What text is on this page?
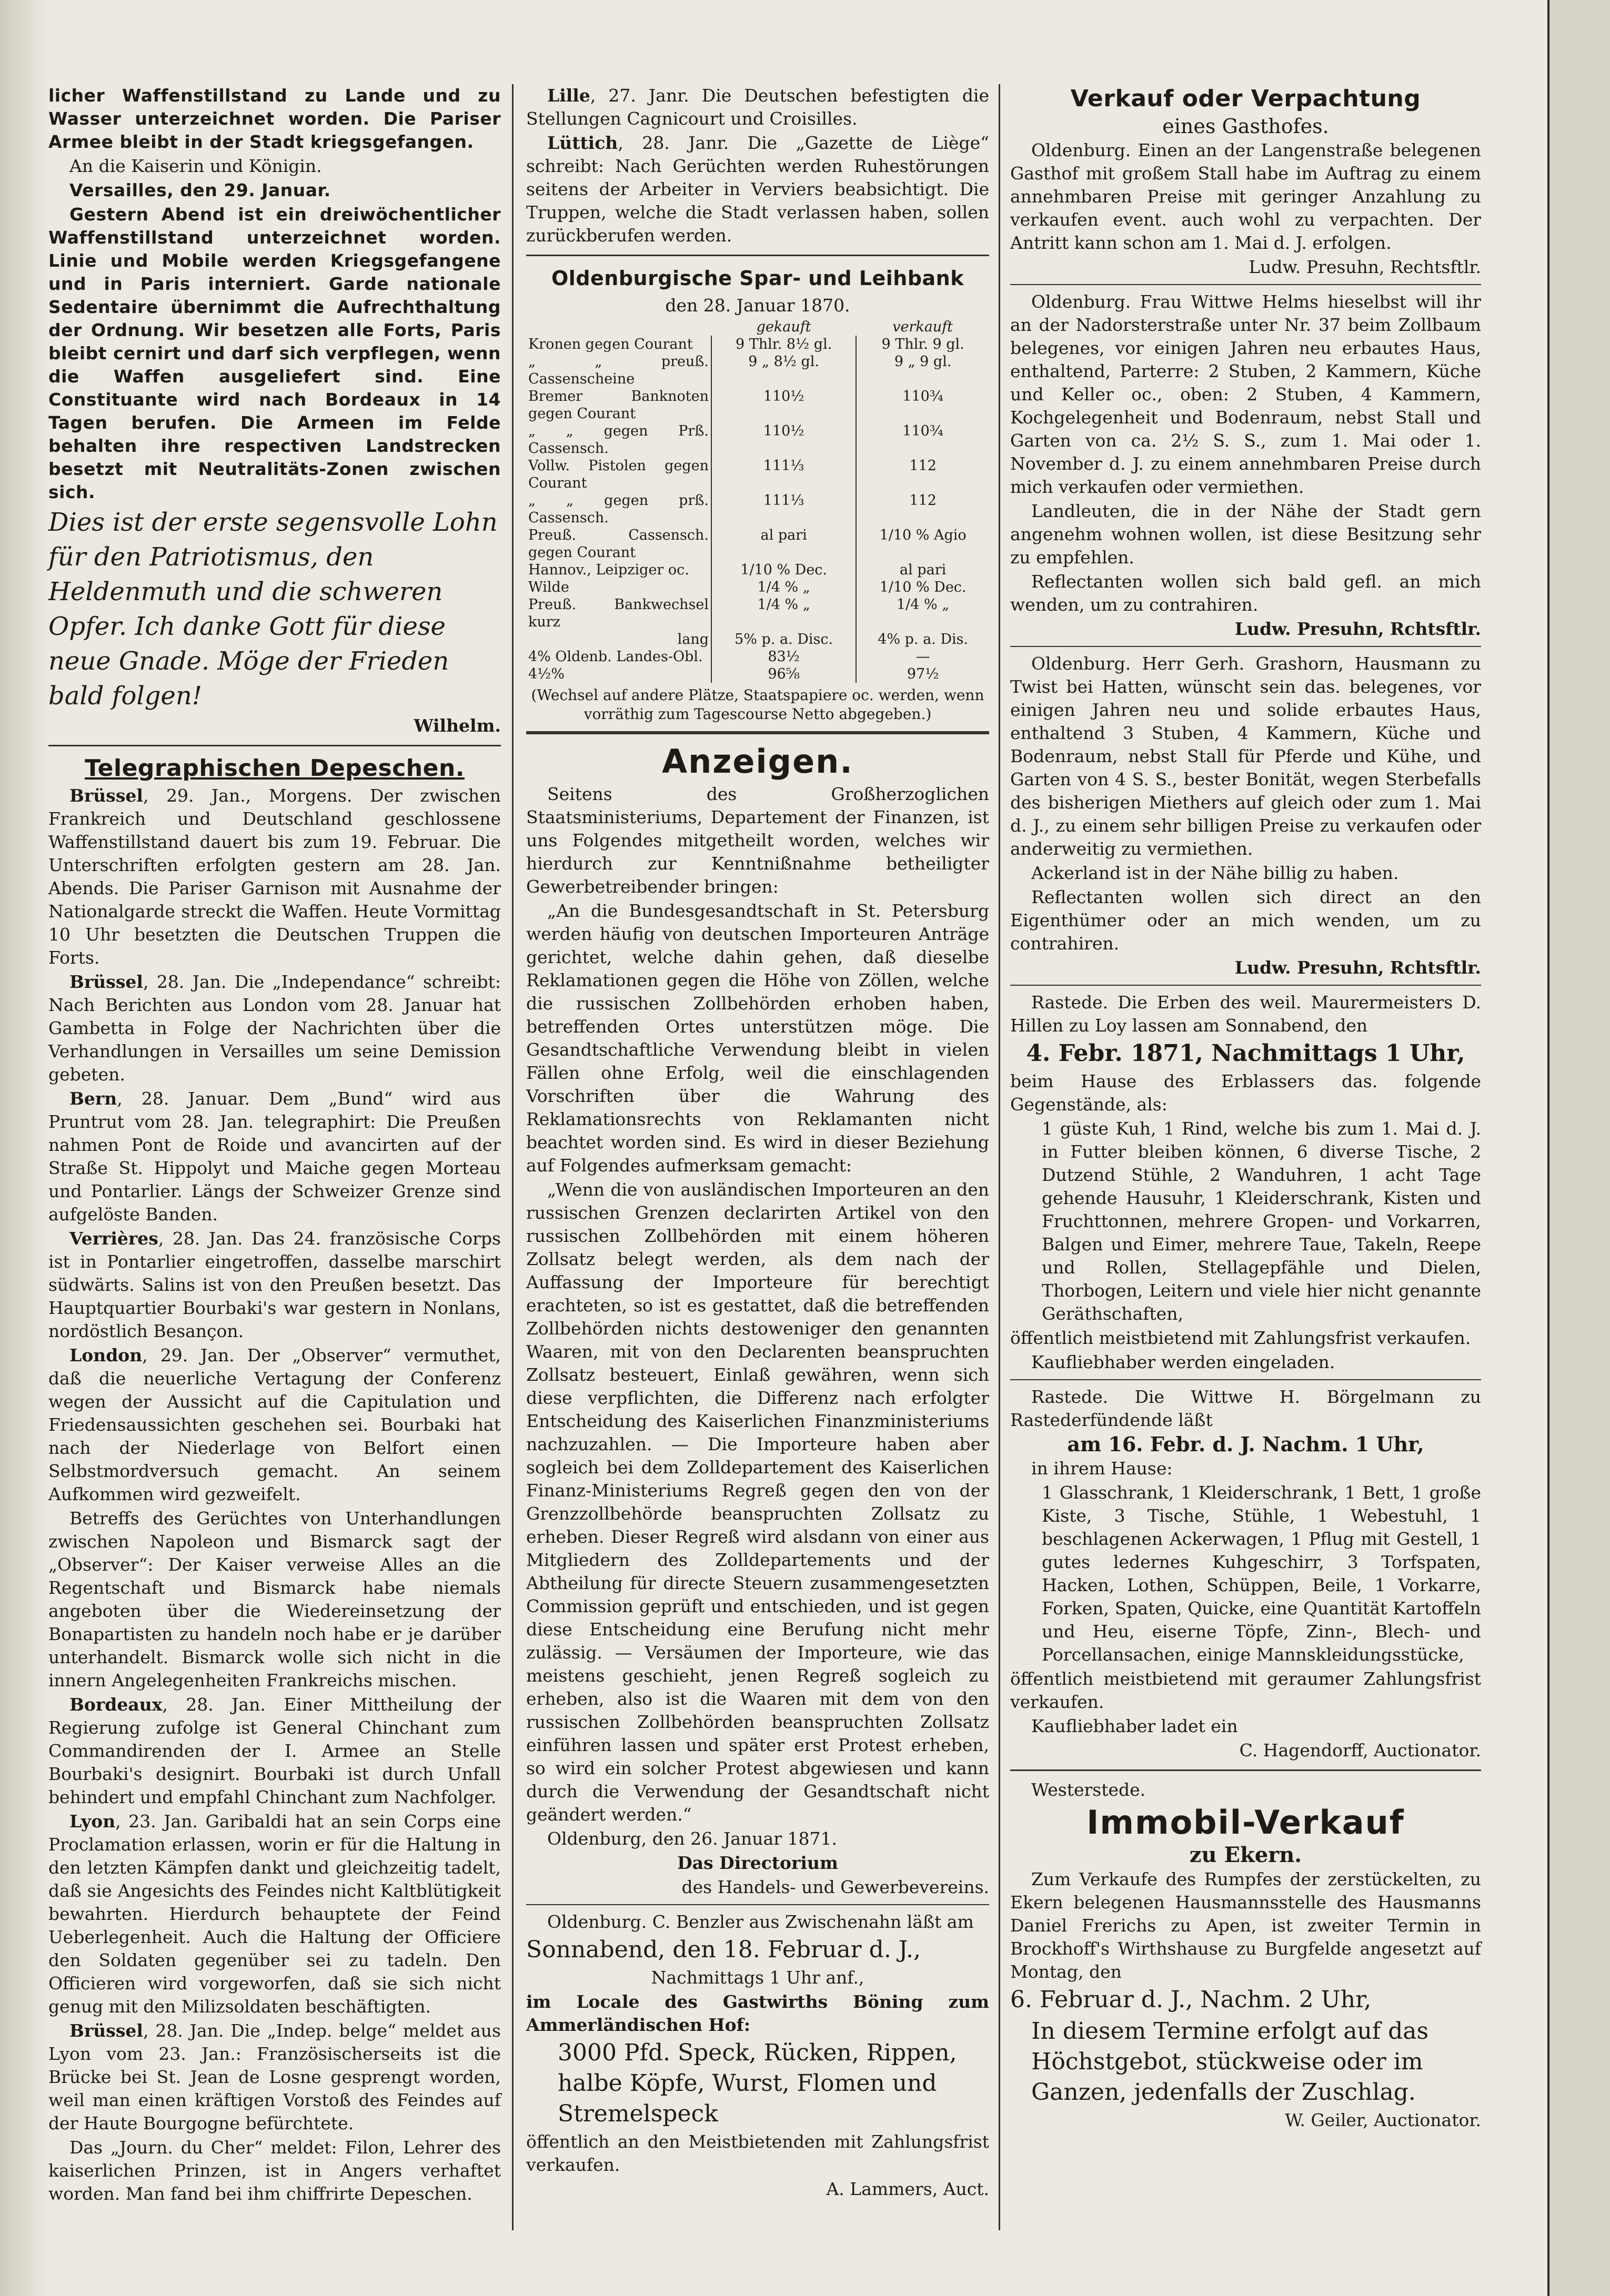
licher Waffenstillstand zu Lande und zu Wasser unterzeichnet worden. Die Pariser Armee bleibt in der Stadt kriegsgefangen.

An die Kaiserin und Königin.

Versailles, den 29. Januar.

Gestern Abend ist ein dreiwöchentlicher Waffenstillstand unterzeichnet worden. Linie und Mobile werden Kriegsgefangene und in Paris interniert. Garde nationale Sedentaire übernimmt die Aufrechthaltung der Ordnung. Wir besetzen alle Forts, Paris bleibt cernirt und darf sich verpflegen, wenn die Waffen ausgeliefert sind. Eine Constituante wird nach Bordeaux in 14 Tagen berufen. Die Armeen im Felde behalten ihre respectiven Landstrecken besetzt mit Neutralitäts-Zonen zwischen sich.

Dies ist der erste segensvolle Lohn für den Patriotismus, den Heldenmuth und die schweren Opfer. Ich danke Gott für diese neue Gnade. Möge der Frieden bald folgen!

Wilhelm.

Telegraphischen Depeschen.

Brüssel, 29. Jan., Morgens. Der zwischen Frankreich und Deutschland geschlossene Waffenstillstand dauert bis zum 19. Februar. Die Unterschriften erfolgten gestern am 28. Jan. Abends. Die Pariser Garnison mit Ausnahme der Nationalgarde streckt die Waffen. Heute Vormittag 10 Uhr besetzten die Deutschen Truppen die Forts.

Brüssel, 28. Jan. Die „Independance“ schreibt: Nach Berichten aus London vom 28. Januar hat Gambetta in Folge der Nachrichten über die Verhandlungen in Versailles um seine Demission gebeten.

Bern, 28. Januar. Dem „Bund“ wird aus Pruntrut vom 28. Jan. telegraphirt: Die Preußen nahmen Pont de Roide und avancirten auf der Straße St. Hippolyt und Maiche gegen Morteau und Pontarlier. Längs der Schweizer Grenze sind aufgelöste Banden.

Verrières, 28. Jan. Das 24. französische Corps ist in Pontarlier eingetroffen, dasselbe marschirt südwärts. Salins ist von den Preußen besetzt. Das Hauptquartier Bourbaki's war gestern in Nonlans, nordöstlich Besançon.

London, 29. Jan. Der „Observer“ vermuthet, daß die neuerliche Vertagung der Conferenz wegen der Aussicht auf die Capitulation und Friedensaussichten geschehen sei. Bourbaki hat nach der Niederlage von Belfort einen Selbstmordversuch gemacht. An seinem Aufkommen wird gezweifelt.

Betreffs des Gerüchtes von Unterhandlungen zwischen Napoleon und Bismarck sagt der „Observer“: Der Kaiser verweise Alles an die Regentschaft und Bismarck habe niemals angeboten über die Wiedereinsetzung der Bonapartisten zu handeln noch habe er je darüber unterhandelt. Bismarck wolle sich nicht in die innern Angelegenheiten Frankreichs mischen.

Bordeaux, 28. Jan. Einer Mittheilung der Regierung zufolge ist General Chinchant zum Commandirenden der I. Armee an Stelle Bourbaki's designirt. Bourbaki ist durch Unfall behindert und empfahl Chinchant zum Nachfolger.

Lyon, 23. Jan. Garibaldi hat an sein Corps eine Proclamation erlassen, worin er für die Haltung in den letzten Kämpfen dankt und gleichzeitig tadelt, daß sie Angesichts des Feindes nicht Kaltblütigkeit bewahrten. Hierdurch behauptete der Feind Ueberlegenheit. Auch die Haltung der Officiere den Soldaten gegenüber sei zu tadeln. Den Officieren wird vorgeworfen, daß sie sich nicht genug mit den Milizsoldaten beschäftigten.

Brüssel, 28. Jan. Die „Indep. belge“ meldet aus Lyon vom 23. Jan.: Französischerseits ist die Brücke bei St. Jean de Losne gesprengt worden, weil man einen kräftigen Vorstoß des Feindes auf der Haute Bourgogne befürchtete.

Das „Journ. du Cher“ meldet: Filon, Lehrer des kaiserlichen Prinzen, ist in Angers verhaftet worden. Man fand bei ihm chiffrirte Depeschen.

Lille, 27. Janr. Die Deutschen befestigten die Stellungen Cagnicourt und Croisilles.

Lüttich, 28. Janr. Die „Gazette de Liège“ schreibt: Nach Gerüchten werden Ruhestörungen seitens der Arbeiter in Verviers beabsichtigt. Die Truppen, welche die Stadt verlassen haben, sollen zurückberufen werden.

Oldenburgische Spar- und Leihbank

den 28. Januar 1870.

	gekauft	verkauft
Kronen gegen Courant	9 Thlr. 8½ gl.	9 Thlr. 9 gl.
„ „ preuß. Cassenscheine	9 „ 8½ gl.	9 „ 9 gl.
Bremer Banknoten gegen Courant	110½	110¾
„ „ gegen Prß. Cassensch.	110½	110¾
Vollw. Pistolen gegen Courant	111⅓	112
„ „ gegen prß. Cassensch.	111⅓	112
Preuß. Cassensch. gegen Courant	al pari	1/10 % Agio
Hannov., Leipziger oc.	1/10 % Dec.	al pari
Wilde	1/4 % „	1/10 % Dec.
Preuß. Bankwechsel kurz	1/4 % „	1/4 % „
lang	5% p. a. Disc.	4% p. a. Dis.
4% Oldenb. Landes-Obl.	83½	—
4½%	96⅝	97½

(Wechsel auf andere Plätze, Staatspapiere oc. werden, wenn vorräthig zum Tagescourse Netto abgegeben.)

Anzeigen.

Seitens des Großherzoglichen Staatsministeriums, Departement der Finanzen, ist uns Folgendes mitgetheilt worden, welches wir hierdurch zur Kenntnißnahme betheiligter Gewerbetreibender bringen:

„An die Bundesgesandtschaft in St. Petersburg werden häufig von deutschen Importeuren Anträge gerichtet, welche dahin gehen, daß dieselbe Reklamationen gegen die Höhe von Zöllen, welche die russischen Zollbehörden erhoben haben, betreffenden Ortes unterstützen möge. Die Gesandtschaftliche Verwendung bleibt in vielen Fällen ohne Erfolg, weil die einschlagenden Vorschriften über die Wahrung des Reklamationsrechts von Reklamanten nicht beachtet worden sind. Es wird in dieser Beziehung auf Folgendes aufmerksam gemacht:

„Wenn die von ausländischen Importeuren an den russischen Grenzen declarirten Artikel von den russischen Zollbehörden mit einem höheren Zollsatz belegt werden, als dem nach der Auffassung der Importeure für berechtigt erachteten, so ist es gestattet, daß die betreffenden Zollbehörden nichts destoweniger den genannten Waaren, mit von den Declarenten beanspruchten Zollsatz besteuert, Einlaß gewähren, wenn sich diese verpflichten, die Differenz nach erfolgter Entscheidung des Kaiserlichen Finanzministeriums nachzuzahlen. — Die Importeure haben aber sogleich bei dem Zolldepartement des Kaiserlichen Finanz-Ministeriums Regreß gegen den von der Grenzzollbehörde beanspruchten Zollsatz zu erheben. Dieser Regreß wird alsdann von einer aus Mitgliedern des Zolldepartements und der Abtheilung für directe Steuern zusammengesetzten Commission geprüft und entschieden, und ist gegen diese Entscheidung eine Berufung nicht mehr zulässig. — Versäumen der Importeure, wie das meistens geschieht, jenen Regreß sogleich zu erheben, also ist die Waaren mit dem von den russischen Zollbehörden beanspruchten Zollsatz einführen lassen und später erst Protest erheben, so wird ein solcher Protest abgewiesen und kann durch die Verwendung der Gesandtschaft nicht geändert werden.“

Oldenburg, den 26. Januar 1871.

Das Directorium

des Handels- und Gewerbevereins.

Oldenburg. C. Benzler aus Zwischenahn läßt am

Sonnabend, den 18. Februar d. J.,

Nachmittags 1 Uhr anf.,

im Locale des Gastwirths Böning zum Ammerländischen Hof:

3000 Pfd. Speck, Rücken, Rippen, halbe Köpfe, Wurst, Flomen und Stremelspeck

öffentlich an den Meistbietenden mit Zahlungsfrist verkaufen.

A. Lammers, Auct.

Verkauf oder Verpachtung

eines Gasthofes.

Oldenburg. Einen an der Langenstraße belegenen Gasthof mit großem Stall habe im Auftrag zu einem annehmbaren Preise mit geringer Anzahlung zu verkaufen event. auch wohl zu verpachten. Der Antritt kann schon am 1. Mai d. J. erfolgen.

Ludw. Presuhn, Rechtsftlr.

Oldenburg. Frau Wittwe Helms hieselbst will ihr an der Nadorsterstraße unter Nr. 37 beim Zollbaum belegenes, vor einigen Jahren neu erbautes Haus, enthaltend, Parterre: 2 Stuben, 2 Kammern, Küche und Keller oc., oben: 2 Stuben, 4 Kammern, Kochgelegenheit und Bodenraum, nebst Stall und Garten von ca. 2½ S. S., zum 1. Mai oder 1. November d. J. zu einem annehmbaren Preise durch mich verkaufen oder vermiethen.

Landleuten, die in der Nähe der Stadt gern angenehm wohnen wollen, ist diese Besitzung sehr zu empfehlen.

Reflectanten wollen sich bald gefl. an mich wenden, um zu contrahiren.

Ludw. Presuhn, Rchtsftlr.

Oldenburg. Herr Gerh. Grashorn, Hausmann zu Twist bei Hatten, wünscht sein das. belegenes, vor einigen Jahren neu und solide erbautes Haus, enthaltend 3 Stuben, 4 Kammern, Küche und Bodenraum, nebst Stall für Pferde und Kühe, und Garten von 4 S. S., bester Bonität, wegen Sterbefalls des bisherigen Miethers auf gleich oder zum 1. Mai d. J., zu einem sehr billigen Preise zu verkaufen oder anderweitig zu vermiethen.

Ackerland ist in der Nähe billig zu haben.

Reflectanten wollen sich direct an den Eigenthümer oder an mich wenden, um zu contrahiren.

Ludw. Presuhn, Rchtsftlr.

Rastede. Die Erben des weil. Maurermeisters D. Hillen zu Loy lassen am Sonnabend, den

4. Febr. 1871, Nachmittags 1 Uhr,

beim Hause des Erblassers das. folgende Gegenstände, als:

1 güste Kuh, 1 Rind, welche bis zum 1. Mai d. J. in Futter bleiben können, 6 diverse Tische, 2 Dutzend Stühle, 2 Wanduhren, 1 acht Tage gehende Hausuhr, 1 Kleiderschrank, Kisten und Fruchttonnen, mehrere Gropen- und Vorkarren, Balgen und Eimer, mehrere Taue, Takeln, Reepe und Rollen, Stellagepfähle und Dielen, Thorbogen, Leitern und viele hier nicht genannte Geräthschaften,

öffentlich meistbietend mit Zahlungsfrist verkaufen.

Kaufliebhaber werden eingeladen.

Rastede. Die Wittwe H. Börgelmann zu Rastederfündende läßt

am 16. Febr. d. J. Nachm. 1 Uhr,

in ihrem Hause:

1 Glasschrank, 1 Kleiderschrank, 1 Bett, 1 große Kiste, 3 Tische, Stühle, 1 Webestuhl, 1 beschlagenen Ackerwagen, 1 Pflug mit Gestell, 1 gutes ledernes Kuhgeschirr, 3 Torfspaten, Hacken, Lothen, Schüppen, Beile, 1 Vorkarre, Forken, Spaten, Quicke, eine Quantität Kartoffeln und Heu, eiserne Töpfe, Zinn-, Blech- und Porcellansachen, einige Mannskleidungsstücke,

öffentlich meistbietend mit geraumer Zahlungsfrist verkaufen.

Kaufliebhaber ladet ein

C. Hagendorff, Auctionator.

Westerstede.

Immobil-Verkauf

zu Ekern.

Zum Verkaufe des Rumpfes der zerstückelten, zu Ekern belegenen Hausmannsstelle des Hausmanns Daniel Frerichs zu Apen, ist zweiter Termin in Brockhoff's Wirthshause zu Burgfelde angesetzt auf Montag, den

6. Februar d. J., Nachm. 2 Uhr,

In diesem Termine erfolgt auf das Höchstgebot, stückweise oder im Ganzen, jedenfalls der Zuschlag.

W. Geiler, Auctionator.
